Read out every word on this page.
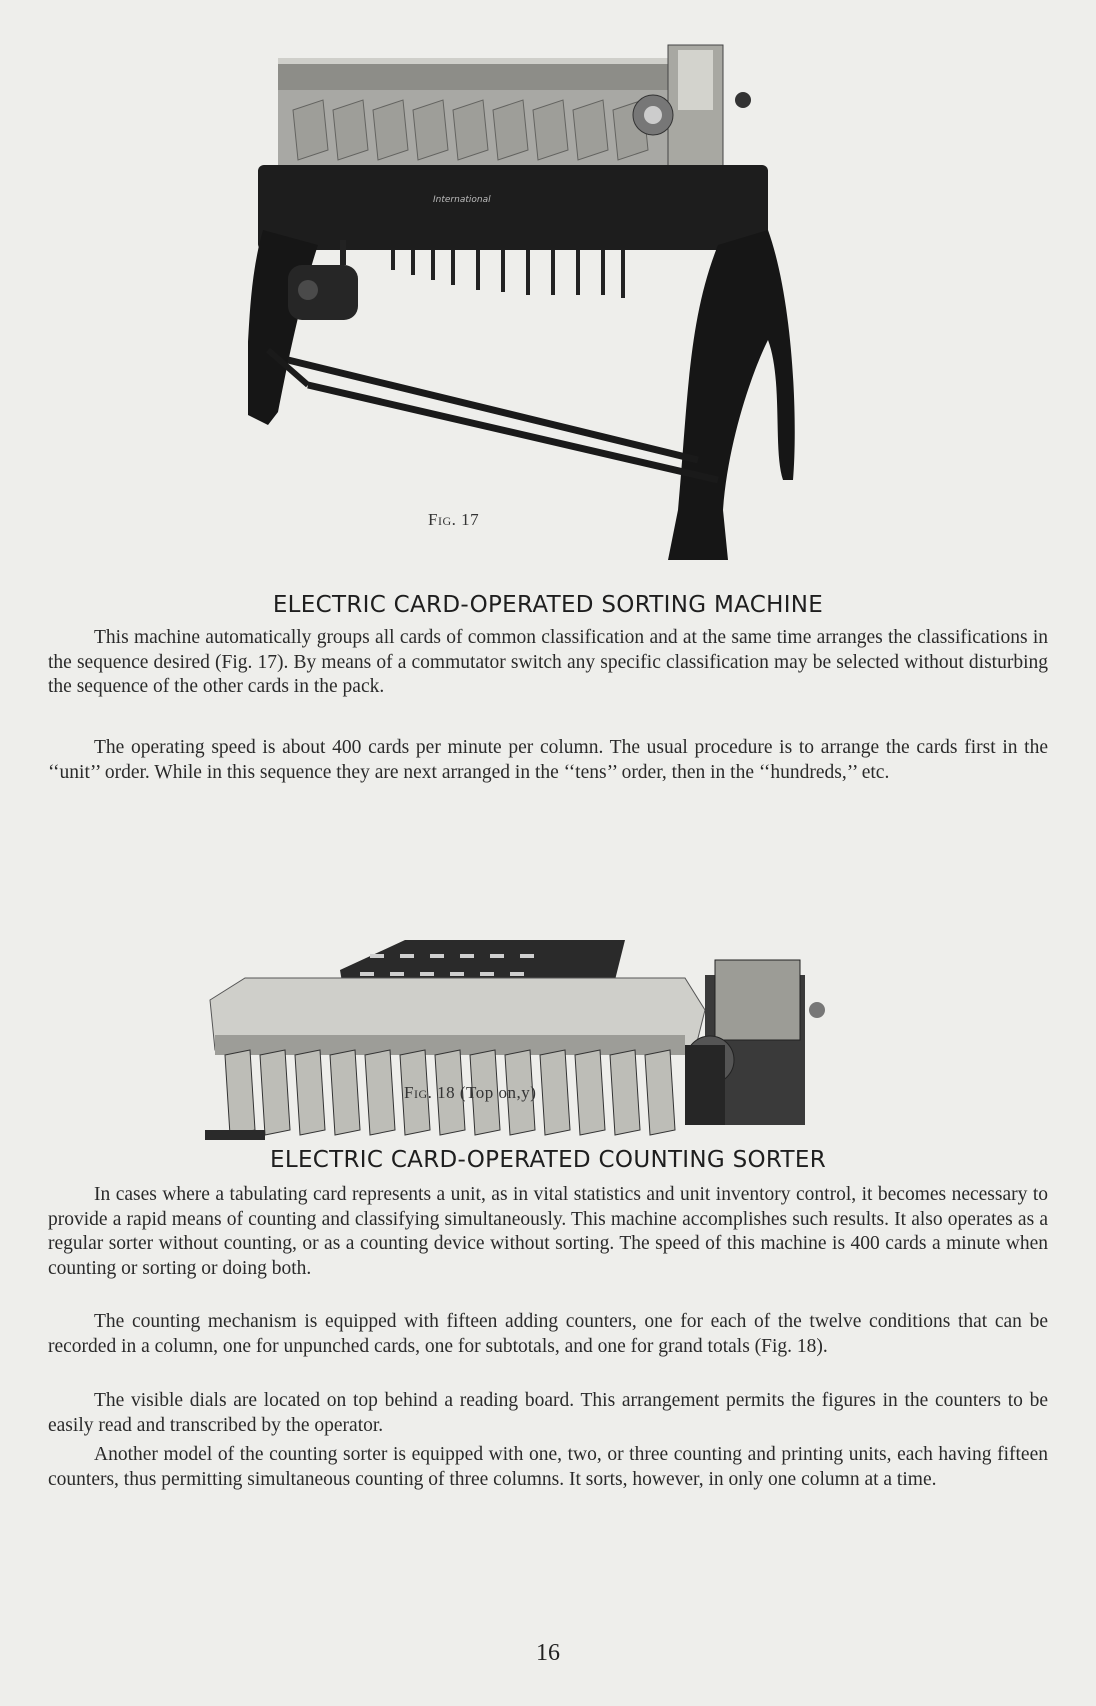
International
Fig. 17
ELECTRIC CARD-OPERATED SORTING MACHINE
This machine automatically groups all cards of common classification and at the same time arranges the classifications in the sequence desired (Fig. 17). By means of a commutator switch any specific classification may be selected without disturbing the sequence of the other cards in the pack.
The operating speed is about 400 cards per minute per column. The usual procedure is to arrange the cards first in the ‘‘unit’’ order. While in this sequence they are next arranged in the ‘‘tens’’ order, then in the ‘‘hundreds,’’ etc.
Fig. 18 (Top on,y)
ELECTRIC CARD-OPERATED COUNTING SORTER
In cases where a tabulating card represents a unit, as in vital statistics and unit inventory control, it becomes necessary to provide a rapid means of counting and classifying simultaneously. This machine accomplishes such results. It also operates as a regular sorter without counting, or as a counting device without sorting. The speed of this machine is 400 cards a minute when counting or sorting or doing both.
The counting mechanism is equipped with fifteen adding counters, one for each of the twelve conditions that can be recorded in a column, one for unpunched cards, one for subtotals, and one for grand totals (Fig. 18).
The visible dials are located on top behind a reading board. This arrangement permits the figures in the counters to be easily read and transcribed by the operator.
Another model of the counting sorter is equipped with one, two, or three counting and printing units, each having fifteen counters, thus permitting simultaneous counting of three columns. It sorts, however, in only one column at a time.
16
